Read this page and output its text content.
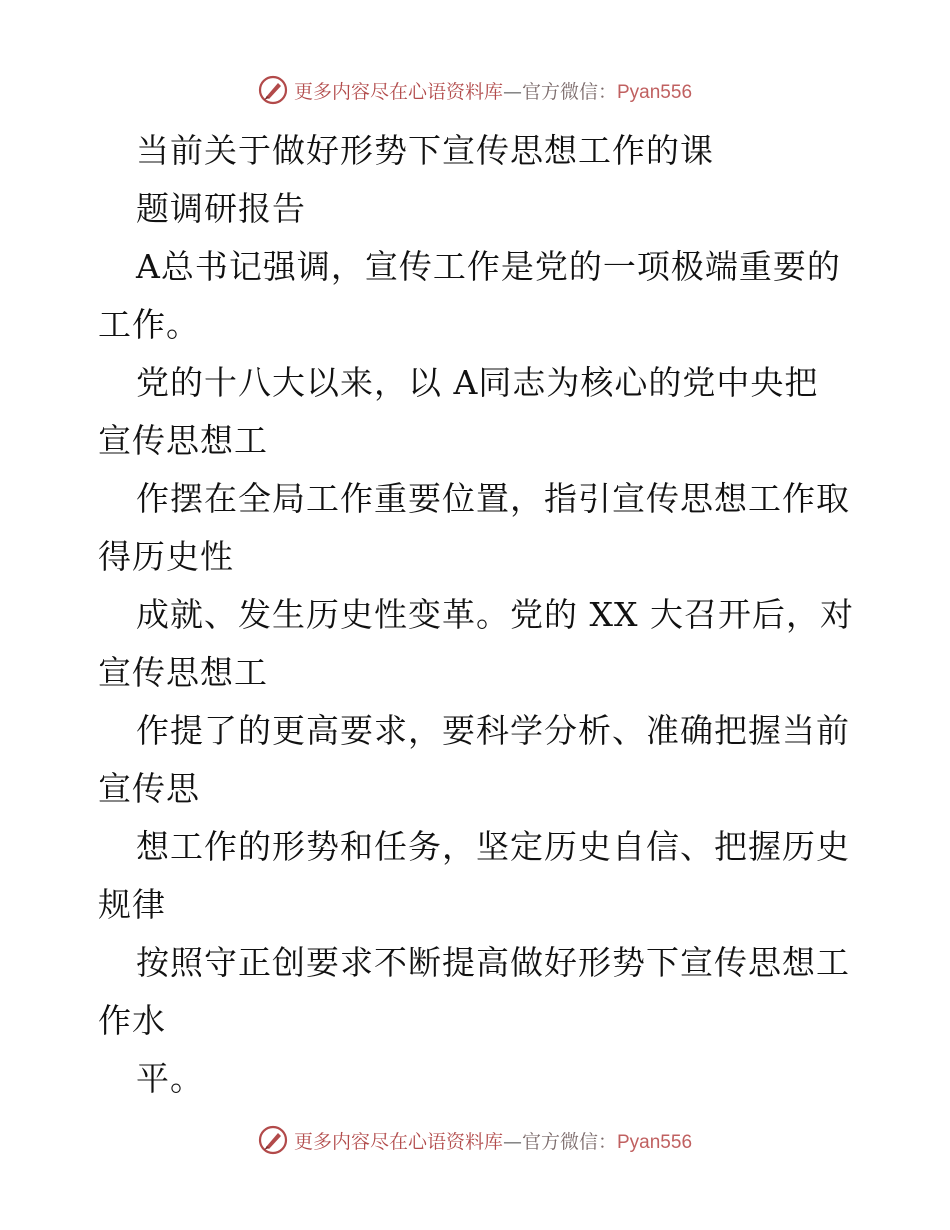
更多内容尽在心语资料库—官方微信：Pyan556
当前关于做好形势下宣传思想工作的课
题调研报告
A总书记强调，宣传工作是党的一项极端重要的
工作。
党的十八大以来，以 A同志为核心的党中央把
宣传思想工
作摆在全局工作重要位置，指引宣传思想工作取
得历史性
成就、发生历史性变革。党的 XX 大召开后，对
宣传思想工
作提了的更高要求，要科学分析、准确把握当前
宣传思
想工作的形势和任务，坚定历史自信、把握历史
规律
按照守正创要求不断提高做好形势下宣传思想工
作水
平。
更多内容尽在心语资料库—官方微信：Pyan556
